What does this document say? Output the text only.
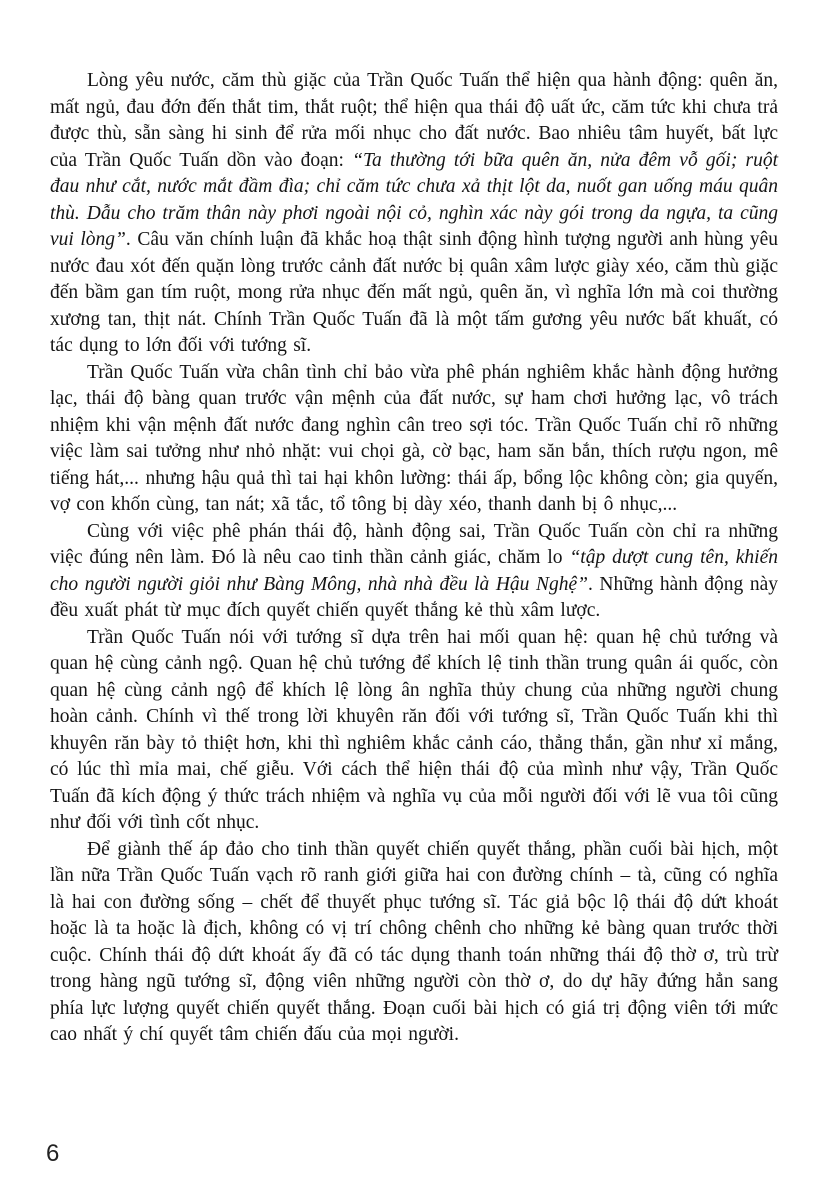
Lòng yêu nước, căm thù giặc của Trần Quốc Tuấn thể hiện qua hành động: quên ăn, mất ngủ, đau đớn đến thắt tim, thắt ruột; thể hiện qua thái độ uất ức, căm tức khi chưa trả được thù, sẵn sàng hi sinh để rửa mối nhục cho đất nước. Bao nhiêu tâm huyết, bất lực của Trần Quốc Tuấn dồn vào đoạn: “Ta thường tới bữa quên ăn, nửa đêm vỗ gối; ruột đau như cắt, nước mắt đầm đìa; chỉ căm tức chưa xả thịt lột da, nuốt gan uống máu quân thù. Dẫu cho trăm thân này phơi ngoài nội cỏ, nghìn xác này gói trong da ngựa, ta cũng vui lòng”. Câu văn chính luận đã khắc hoạ thật sinh động hình tượng người anh hùng yêu nước đau xót đến quặn lòng trước cảnh đất nước bị quân xâm lược giày xéo, căm thù giặc đến bầm gan tím ruột, mong rửa nhục đến mất ngủ, quên ăn, vì nghĩa lớn mà coi thường xương tan, thịt nát. Chính Trần Quốc Tuấn đã là một tấm gương yêu nước bất khuất, có tác dụng to lớn đối với tướng sĩ.

Trần Quốc Tuấn vừa chân tình chỉ bảo vừa phê phán nghiêm khắc hành động hưởng lạc, thái độ bàng quan trước vận mệnh của đất nước, sự ham chơi hưởng lạc, vô trách nhiệm khi vận mệnh đất nước đang nghìn cân treo sợi tóc. Trần Quốc Tuấn chỉ rõ những việc làm sai tưởng như nhỏ nhặt: vui chọi gà, cờ bạc, ham săn bắn, thích rượu ngon, mê tiếng hát,... nhưng hậu quả thì tai hại khôn lường: thái ấp, bổng lộc không còn; gia quyến, vợ con khốn cùng, tan nát; xã tắc, tổ tông bị dày xéo, thanh danh bị ô nhục,...

Cùng với việc phê phán thái độ, hành động sai, Trần Quốc Tuấn còn chỉ ra những việc đúng nên làm. Đó là nêu cao tinh thần cảnh giác, chăm lo “tập dượt cung tên, khiến cho người người giỏi như Bàng Mông, nhà nhà đều là Hậu Nghệ”. Những hành động này đều xuất phát từ mục đích quyết chiến quyết thắng kẻ thù xâm lược.

Trần Quốc Tuấn nói với tướng sĩ dựa trên hai mối quan hệ: quan hệ chủ tướng và quan hệ cùng cảnh ngộ. Quan hệ chủ tướng để khích lệ tinh thần trung quân ái quốc, còn quan hệ cùng cảnh ngộ để khích lệ lòng ân nghĩa thủy chung của những người chung hoàn cảnh. Chính vì thế trong lời khuyên răn đối với tướng sĩ, Trần Quốc Tuấn khi thì khuyên răn bày tỏ thiệt hơn, khi thì nghiêm khắc cảnh cáo, thẳng thắn, gần như xỉ mắng, có lúc thì mỉa mai, chế giễu. Với cách thể hiện thái độ của mình như vậy, Trần Quốc Tuấn đã kích động ý thức trách nhiệm và nghĩa vụ của mỗi người đối với lẽ vua tôi cũng như đối với tình cốt nhục.

Để giành thế áp đảo cho tinh thần quyết chiến quyết thắng, phần cuối bài hịch, một lần nữa Trần Quốc Tuấn vạch rõ ranh giới giữa hai con đường chính – tà, cũng có nghĩa là hai con đường sống – chết để thuyết phục tướng sĩ. Tác giả bộc lộ thái độ dứt khoát hoặc là ta hoặc là địch, không có vị trí chông chênh cho những kẻ bàng quan trước thời cuộc. Chính thái độ dứt khoát ấy đã có tác dụng thanh toán những thái độ thờ ơ, trù trừ trong hàng ngũ tướng sĩ, động viên những người còn thờ ơ, do dự hãy đứng hẳn sang phía lực lượng quyết chiến quyết thắng. Đoạn cuối bài hịch có giá trị động viên tới mức cao nhất ý chí quyết tâm chiến đấu của mọi người.

6
